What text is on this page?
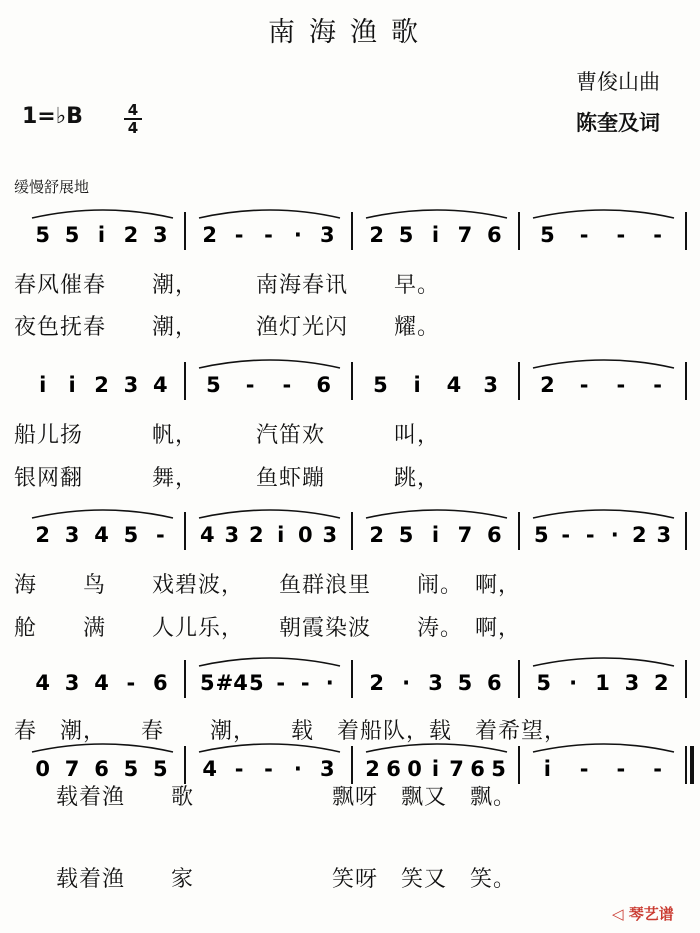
南海渔歌
曹俊山曲
陈奎及词
1=♭B	4
4
缓慢舒展地
5 5 i 2 3 2 - - · 3 2 5 i 7 6 5 - - -
i i 2 3 4 5 - - 6 5 i 4 3 2 - - -
2 3 4 5 - 4 3 2 i 0 3 2 5 i 7 6 5 - - · 2 3
4 3 4 - 6 5 #4 5 - - · 2 · 3 5 6 5 · 1 3 2
0 7 6 5 5 4 - - · 3 2 6 0 i 7 6 5 i - - -
春风催春　　潮，　　　南海春讯　　早。
夜色抚春　　潮，　　　渔灯光闪　　耀。
船儿扬　　　帆，　　　汽笛欢　　　叫，
银网翻　　　舞，　　　鱼虾蹦　　　跳，
海　　鸟　　戏碧波，　　鱼群浪里　　闹。　啊，
舱　　满　　人儿乐，　　朝霞染波　　涛。　啊，
春　潮，　　春　　潮，　　载　着船队，载　着希望，
载着渔　　歌　　　　　　飘呀　飘又　飘。
载着渔　　家　　　　　　笑呀　笑又　笑。
◁ 琴艺谱
